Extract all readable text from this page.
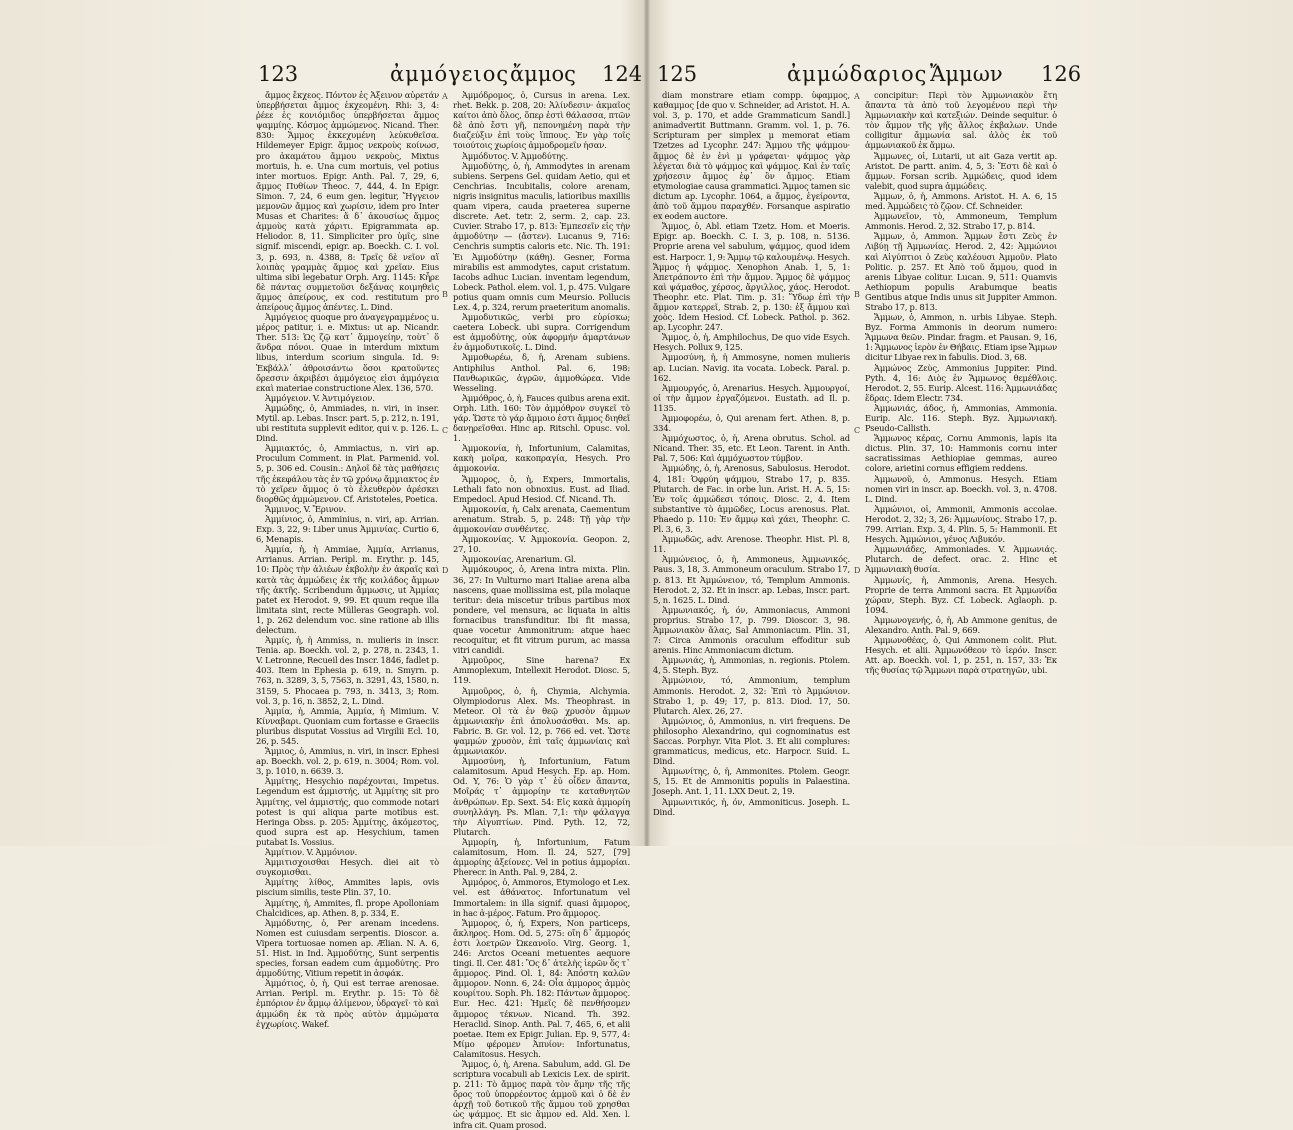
123	ἀμμόγειος ἄμμος 124

ἄμμος ἔκχεος. Πόντον ἐς Ἀξεινον αὐρετάν ὑπερβήσεται ἄμμος ἐκχεομένη. Rhi: 3, 4: ῥέεε ἐς κονιόμιδος ὑπερβήσεται ἄμμος ψαμμίης. Κόσμος ἀμμώμενος. Nicand. Ther. 830: Ἄμμος ἐκκεχυμένη λεὑκυθεῖσα. Hildemeyer Epigr. ἄμμος νεκροὺς κοίνωσ, pro ἀκαμάτου ἄμμου νεκροὺς, Mixtus mortuis, h. e. Una cum mortuis, vel potius inter mortuos. Epigr. Anth. Pal. 7, 29, 6, ἄμμος Πυθίων Theoc. 7, 444, 4. In Epigr. Simon. 7, 24, 6 eum gen. legitur, Ἤγγειον μεμονῶν ἄμμος καὶ χωρίσιν, idem pro Inter Musas et Charites: ἄ δ᾽ ἀκουσίως ἄμμος ἀμμοὺς κατὰ χάριτι. Epigrammata ap. Heliodor. 8, 11. Simpliciter pro ὑμῖς, sine signif. miscendi, epigr. ap. Boeckh. C. I. vol. 3, p. 693, n. 4388, 8: Τρεῖς δὲ νεῖον αἵ λοιπὰς γραμμὰς ἄμμος καὶ χρεῖαν. Eius ultima sibi legebatur Orph. Arg. 1145: Κἦρε δὲ πάντας συμμετοῦσι δεξάνας κοιμηθεὶς ἄμμος ἀπείρους, ex cod. restitutum pro ἀπείρους ἄμμος ἀπέντες. L. Dind.

Ἀμμόγειος quoque pro ἀναγεγραμμένος u. μέρος patitur, i. e. Mixtus: ut ap. Nicandr. Ther. 513: Ὡς ζῷ κατ᾽ ἄμμογείην, τοὺτ᾽ ὅ ἄνδρα πόνοι. Quae in interdum mixtum libus, interdum scorium singula. Id. 9: Ἐκβάλλ᾽ ἀθροισάντω ὅσοι κρατοῦντες ὄρεσσιν ἀκριβέσι ἀμμόγειος εἰσι ἀμμόγεια εκαὶ materiae constructione Alex. 136, 570.

Ἀμμόγειον. V. Ἀντιμόγειον.

Ἀμμώδης, ὁ, Ammiades, n. viri, in inser. Mytil. ap. Lebas. Inscr. part. 5, p. 212, n. 191, ubi restituta supplevit editor, qui v. p. 126. L. Dind.

Ἀμμιακτός, ὁ, Ammiactus, n. viri ap. Proculum Comment. in Plat. Parmenid. vol. 5, p. 306 ed. Cousin.: Δηλοῖ δὲ τὰς μαθήσεις τῆς ἐκεφάλου τὰς ἐν τῷ χρόνῳ ἄμμιακτος ἐν τὸ χεῖρεν ἄμμος ὁ τὸ ἐλευθερὸν ἀρέσκει διορθῶς ἀμμώμενον. Cf. Aristoteles, Poetica.

Ἄμμινος, V. Ἔρινον.

Ἀμμίνιος, ὁ, Amminius, n. viri, ap. Arrian. Exp. 3, 22, 9: Liber unus Ἀμμινίας. Curtio 6, 6, Menapis.

Ἀμμία, ἡ, ἡ Ammiae, Ἀμμία, Arrianus, Arrianus. Arrian. Peripl. m. Erythr. p. 145, 10: Πρὸς τὴν ἁλιέων ἐκβολὴν ἐν ἀκραῖς καὶ κατὰ τὰς ἀμμώδεις ἐκ τῆς κοιλάδος ἄμμων τῆς ἀκτῆς. Scribendum ἄμμωσις, ut Ἀμμίας patet ex Herodot. 9, 99. Et quum reque illa limitata sint, recte Mülleras Geograph. vol. 1, p. 262 delendum voc. sine ratione ab illis delectum.

Ἀμμίς, ἡ, ἡ Ammiss, n. mulieris in inscr. Tenia. ap. Boeckh. vol. 2, p. 278, n. 2343, 1. V. Letronne, Recueil des Inscr. 1846, fadlet p. 403. Item in Ephesia p. 619, n. Smyrn. p. 763, n. 3289, 3, 5, 7563, n. 3291, 43, 1580, n. 3159, 5. Phocaea p. 793, n. 3413, 3; Rom. vol. 3, p. 16, n. 3852, 2, L. Dind.

Ἀμμία, ἡ, Ammia, Ἀμμία, ἡ Mimium. V. Κίνναβαρι. Quoniam cum fortasse e Graeciis pluribus disputat Vossius ad Virgilii Ecl. 10, 26, p. 545.

Ἄμμιος, ὁ, Ammius, n. viri, in inscr. Ephesi ap. Boeckh. vol. 2, p. 619, n. 3004; Rom. vol. 3, p. 1010, n. 6639. 3.

Ἀμμίτης, Hesychio παρέχονται, Impetus. Legendum est ἀμμιστής, ut Ἀμμίτης sit pro Ἀμμίτης, vel ἀμμιστής, quo commode notari potest is qui aliqua parte motibus est. Heringa Obss. p. 205: Ἀμμίτης, ἀκόμεστος, quod supra est ap. Hesychium, tamen putabat Is. Vossius.

Ἀμμίτιον. V. Ἀμμόνιον.

Ἀμμιτισχοισθαι Hesych. diei ait τὸ συγκομισθαι.

Ἀμμίτης λίθος, Ammites lapis, ovis piscium similis, teste Plin. 37, 10.

Ἀμμίτης, ἡ, Ammites, fl. prope Apolloniam Chalcidices, ap. Athen. 8, p. 334, E.

Ἀμμόδυτης, ὁ, Per arenam incedens. Nomen est cuiusdam serpentis. Dioscor. a. Vipera tortuosae nomen ap. Ælian. N. A. 6, 51. Hist. in Ind. Ἀμμοδύτης, Sunt serpentis species, forsan eadem cum ἀμμοδύτης. Pro ἀμμοδύτης, Vitium repetit in ἀσφάκ.

Ἀμμότιος, ὁ, ἡ, Qui est terrae arenosae. Arrian. Peripl. m. Erythr. p. 15: Τὸ δὲ ἐμπόριον ἐν ἄμμῳ ἁλίμενον, ὑδραγεῖ· τὸ καὶ ἀμμώδη ἐκ τὰ πρὸς αὐτὸν ἀμμώματα ἐγχωρίοις. Wakef.

A
B
C
D

Ἀμμόδρομος, ὁ, Cursus in arena. Lex. rhet. Bekk. p. 208, 20: Ἀλίνδεσιν· ἀκμαῖος καίτοι ἀπὸ ὅλος, ὅπερ ἐστὶ θάλασσα, πτῶν δὲ ἀπὸ ἔστι γῆ, πεπονημένη παρὰ τὴν διαζεύξιν ἐπὶ τοὺς ἵππους. Ἐν γὰρ τοῖς τοιούτοις χωρίοις ἀμμοδρομεῖν ἡσαν.

Ἀμμόδυτος. V. Ἀμμοδύτης.

Ἀμμοδύτης, ὁ, ἡ, Ammodytes in arenam subiens. Serpens Gel. quidam Aetio, qui et Cenchrias. Incubitalis, colore arenam, nigris insignitus maculis, latioribus maxillis quam vipera, cauda praeterea superne discrete. Aet. tetr. 2, serm. 2, cap. 23. Cuvier. Strabo 17, p. 813: Ἐμπεσεῖν εἰς τὴν ἀμμοδύτην — (ἄστεν). Lucanus 9, 716: Cenchris sumptis caloris etc. Nic. Th. 191: Ἐι Ἀμμοδύτην (κάθη). Gesner, Forma mirabilis est ammodytes, caput cristatum. Iacobs adhuc Lucian. inventam legendum, Lobeck. Pathol. elem. vol. 1, p. 475. Vulgare potius quam omnis cum Meursio. Pollucis Lex. 4, p. 324, rerum praeteritum anomalis.

Ἀμμοδυτικῶς, verbi pro εὑρίσκω; caetera Lobeck. ubi supra. Corrigendum est ἀμμοδύτης, οὐκ ἀφορμήν ἁμαρτάνων ἐν ἀμμοδυτικοῖς. L. Dind.

Ἀμμοθωρέω, δ, ἡ, Arenam subiens. Antiphilus Anthol. Pal. 6, 198: Πανθωρικῶς, ἀγρῶν, ἀμμοθώρεα. Vide Wesseling.

Ἀμμόθρος, ὁ, ἡ, Fauces quibus arena exit. Orph. Lith. 160: Τὸν ἀμμόθρον συγκεῖ τὸ γάρ. Ὥστε τὸ γάρ ἄμμοιο ἐστι ἄμμος διηθεῖ δανῃρεῖσθαι. Hinc ap. Ritschl. Opusc. vol. 1.

Ἀμμοκονία, ἡ, Infortunium, Calamitas, κακὴ μοῖρα, κακοπραγία, Hesych. Pro ἀμμοκονία.

Ἄμμορος, ὁ, ἡ, Expers, Immortalis, Lethali fato non obnoxius. Eust. ad Iliad. Empedocl. Apud Hesiod. Cf. Nicand. Th.

Ἀμμοκονία, ἡ, Calx arenata, Caementum arenatum. Strab. 5, p. 248: Τῇ γὰρ τὴν ἀμμοκονίαν συνθέντες.

Ἀμμοκονίας. V. Ἀμμοκονία. Geopon. 2, 27, 10.

Ἀμμοκονίας, Arenarium. Gl.

Ἀμμόκουρος, ὁ, Arena intra mixta. Plin. 36, 27: In Vulturno mari Italiae arena alba nascens, quae mollissima est, pila molaque teritur: deia miscetur tribus partibus mox pondere, vel mensura, ac liquata in altis fornacibus transfunditur. Ibi fit massa, quae vocetur Ammonitrum: atque haec recoquitur, et fit vitrum purum, ac massa vitri candidi.

Ἀμμοῦρος, Sine harena? Ex Ammoplexum, Intellexit Herodot. Diosc. 5, 119.

Ἀμμοῦρος, ὁ, ἡ, Chymia, Alchymia. Olympiodorus Alex. Ms. Theophrast. in Meteor. Ol τὰ ἐν θεῷ χρυσὸν ἄμμων ἀμμωνιακὴν ἐπὶ ἀπολυσάσθαι. Ms. ap. Fabric. B. Gr. vol. 12, p. 766 ed. vet. Ὥστε ψαμμών χρυσὸν, ἐπὶ ταῖς ἀμμωνίαις καὶ ἀμμωνιακόν.

Ἀμμοσύνη, ἡ, Infortunium, Fatum calamitosum. Apud Hesych. Ep. ap. Hom. Od. Y, 76: Ὁ γὰρ τ᾽ ἐὐ οἶδεν ἅπαντα, Μοῖράς τ᾽ ἀμμορίην τε καταθνητῶν ἀνθρώπων. Ep. Sext. 54: Εἰς κακὰ ἀμμορίη συνηλλάγη. Ps. Mlan. 7,1: τὴν φάλαγγα τὴν Αἰγυπτίων. Pind. Pyth. 12, 72, Plutarch.

Ἀμμορίη, ἡ, Infortunium, Fatum calamitosum, Hom. Il. 24, 527, [79] ἀμμορίης ἀξείονες. Vel in potius ἀμμορίαι. Pherecr. in Anth. Pal. 9, 284, 2.

Ἀμμόρος, ὁ, Ammoros, Etymologo et Lex. vel. est ἀθάνατος. Infortunatum vel Immortalem: in illa signif. quasi ἄμμορος, in hac ἀ-μέρος. Fatum. Pro ἄμμορος.

Ἄμμορος, ὁ, ἡ, Expers, Non particeps, ἄκληρος. Hom. Od. 5, 275: οἴη δ᾽ ἄμμορός ἐστι λοετρῶν Ὠκεανοῖο. Virg. Georg. 1, 246: Arctos Oceani metuentes aequore tingi. Il. Cer. 481: Ὃς δ᾽ ἀτελὴς ἱερῶν ὅς τ᾽ ἄμμορος. Pind. Ol. 1, 84: Ἀπόστη καλῶν ἄμμορον. Nonn. 6, 24: Οἷα ἀμμορος ἀμμὸς κουρίτου. Soph. Ph. 182: Πάντων ἄμμορος. Eur. Hec. 421: Ἡμεῖς δὲ πενθήσομεν ἄμμορος τέκνων. Nicand. Th. 392. Heraclid. Sinop. Anth. Pal. 7, 465, 6, et alii poetae. Item ex Epigr. Julian. Ep. 9, 577, 4: Μίμο φέρομεν Ἀπυίον: Infortunatus, Calamitosus. Hesych.

Ἄμμος, ὁ, ἡ, Arena. Sabulum, add. Gl. De scriptura vocabuli ab Lexicis Lex. de spirit. p. 211: Τὸ ἄμμος παρὰ τὸν ἄμην τῆς τῆς ὄρος τοῦ ὑπορρέοντος ἀμμοῦ καὶ ὁ δὲ ἐν ἀρχῇ τοῦ δοτικοῦ τῆς ἄμμου τοῦ χρησθαι ὡς ψάμμος. Et sic ἄμμον ed. Ald. Xen. l. infra cit. Quam prosod.

125	ἀμμώδαριος Ἄμμων 126

diam monstrare etiam compp. ὑφαμμος, καθαμμος [de quo v. Schneider, ad Aristot. H. A. vol. 3, p. 170, et adde Grammaticum Sandl.] animadvertit Buttmann. Gramm. vol. 1, p. 76. Scripturam per simplex μ memorat etiam Tzetzes ad Lycophr. 247: Ἄμμου τῆς ψάμμου· ἄμμος δὲ ἐν ἑνὶ μ γράφεται· ψάμμος γὰρ λέγεται διὰ τὸ ψάμμος καὶ ψάμμος. Καὶ ἐν ταῖς χρήσεσιν ἄμμος ἐφ᾽ ὃν ἄμμος. Etiam etymologiae causa grammatici. Ἄμμος tamen sic dictum ap. Lycophr. 1064, a ἄμμος, ἐγείροντα, ἀπὸ τοῦ ἄμμου παραχθέν. Forsanque aspiratio ex eodem auctore.

Ἄμμος, ὁ, Abl. etiam Tzetz. Hom. et Moeris. Epigr. ap. Boeckh. C. I. 3, p. 108, n. 5136. Proprie arena vel sabulum, ψάμμος, quod idem est. Harpocr. 1, 9: Ἄμμῳ τῷ καλουμένῳ. Hesych. Ἄμμος ἡ ψάμμος. Xenophon Anab. 1, 5, 1: Ἀπετράποντο ἐπὶ τὴν ἄμμον. Ἄμμος δὲ ψάμμος καὶ ψάμαθος, χέρσος, ἄργιλλος, χάος. Herodot. Theophr. etc. Plat. Tim. p. 31: Ὕδωρ ἐπὶ τὴν ἄμμον κατερρεῖ, Strab. 2, p. 130: ἐξ ἄμμου καὶ χοὸς. Idem Hesiod. Cf. Lobeck. Pathol. p. 362. ap. Lycophr. 247.

Ἄμμος, ὁ, ἡ, Amphilochus, De quo vide Esych. Hesych. Pollux 9, 125.

Ἀμμοσύνη, ἡ, ἡ Ammosyne, nomen mulieris ap. Lucian. Navig. ita vocata. Lobeck. Paral. p. 162.

Ἀμμουργός, ὁ, Arenarius. Hesych. Ἀμμουργοί, οἱ τὴν ἄμμον ἐργαζόμενοι. Eustath. ad Il. p. 1135.

Ἀμμοφορέω, ὁ, Qui arenam fert. Athen. 8, p. 334.

Ἀμμόχωστος, ὁ, ἡ, Arena obrutus. Schol. ad Nicand. Ther. 35, etc. Et Leon. Tarent. in Anth. Pal. 7, 506: Καὶ ἀμμόχωστον τύμβον.

Ἀμμώδης, ὁ, ἡ, Arenosus, Sabulosus. Herodot. 4, 181: Ὀφρύη ψάμμου, Strabo 17, p. 835. Plutarch. de Fac. in orbe lun. Arist. H. A. 5, 15: Ἐν τοῖς ἀμμώδεσι τόποις. Diosc. 2, 4. Item substantive τὸ ἀμμῶδες, Locus arenosus. Plat. Phaedo p. 110: Ἐν ἄμμῳ καὶ χάει, Theophr. C. Pl. 3, 6, 3.

Ἀμμωδῶς, adv. Arenose. Theophr. Hist. Pl. 8, 11.

Ἀμμώνειος, ὁ, ἡ, Ammoneus, Ἀμμωνικός. Paus. 3, 18, 3. Ammoneum oraculum. Strabo 17, p. 813. Et Ἀμμώνειον, τό, Templum Ammonis. Herodot. 2, 32. Et in inscr. ap. Lebas, Inscr. part. 5, n. 1625. L. Dind.

Ἀμμωνιακός, ἡ, όν, Ammoniacus, Ammoni proprius. Strabo 17, p. 799. Dioscor. 3, 98. Ἀμμωνιακὸν ἅλας, Sal Ammoniacum. Plin. 31, 7: Circa Ammonis oraculum effoditur sub arenis. Hinc Ammoniacum dictum.

Ἀμμωνιάς, ἡ, Ammonias, n. regionis. Ptolem. 4, 5. Steph. Byz.

Ἀμμώνιον, τό, Ammonium, templum Ammonis. Herodot. 2, 32: Ἐπὶ τὸ Ἀμμώνιον. Strabo 1, p. 49; 17, p. 813. Diod. 17, 50. Plutarch. Alex. 26, 27.

Ἀμμώνιος, ὁ, Ammonius, n. viri frequens. De philosopho Alexandrino, qui cognominatus est Saccas. Porphyr. Vita Plot. 3. Et alii complures: grammaticus, medicus, etc. Harpocr. Suid. L. Dind.

Ἀμμωνίτης, ὁ, ἡ, Ammonites. Ptolem. Geogr. 5, 15. Et de Ammonitis populis in Palaestina. Joseph. Ant. 1, 11. LXX Deut. 2, 19.

Ἀμμωνιτικός, ἡ, όν, Ammoniticus. Joseph. L. Dind.

A
B
C
D

concipitur: Περὶ τὸν Ἀμμωνιακὸν ἔτη ἄπαντα τὰ ἀπὸ τοῦ λεγομένου περὶ τὴν Ἀμμωνιακὴν καὶ κατεξιών. Deinde sequitur. ὁ τὸν ἄμμον τῆς γῆς ἄλλος ἐκβαλων. Unde colligitur ἄμμωνία sal. ἁλὸς ἐκ τοῦ ἀμμωνιακοῦ ἐκ ἄμμω.

Ἄμμωνες, οἱ, Lutarii, ut ait Gaza vertit ap. Aristot. De partt. anim. 4, 5, 3: Ἔστι δὲ καὶ ὁ ἄμμων. Forsan scrib. Ἀμμώδεις, quod idem valebit, quod supra ἀμμώδεις.

Ἄμμων, ὁ, ἡ, Ammons. Aristot. H. A. 6, 15 med. Ἀμμώδεις τὸ ζῷον. Cf. Schneider.

Ἀμμωνεῖον, τὸ, Ammoneum, Templum Ammonis. Herod. 2, 32. Strabo 17, p. 814.

Ἄμμων, ὁ, Ammon. Ἄμμων ἔστι Ζεὺς ἐν Λιβύῃ τῇ Ἀμμωνίας. Herod. 2, 42: Ἀμμώνιοι καὶ Αἰγύπτιοι ὁ Ζεὺς καλέουσι Ἀμμοῦν. Plato Politic. p. 257. Et Ἀπὸ τοῦ ἄμμου, quod in arenis Libyae colitur. Lucan. 9, 511: Quamvis Aethiopum populis Arabumque beatis Gentibus atque Indis unus sit Juppiter Ammon. Strabo 17, p. 813.

Ἄμμων, ὁ, Ammon, n. urbis Libyae. Steph. Byz. Forma Ammonis in deorum numero: Ἄμμωνα θεῶν. Pindar. fragm. et Pausan. 9, 16, 1: Ἄμμωνος ἱερὸν ἐν Θήβαις. Etiam ipse Ἄμμων dicitur Libyae rex in fabulis. Diod. 3, 68.

Ἀμμώνος Ζεὺς, Ammonius Juppiter. Pind. Pyth. 4, 16: Διὸς ἐν Ἄμμωνος θεμέθλοις. Herodot. 2, 55. Eurip. Alcest. 116: Ἀμμωνιάδας ἕδρας. Idem Electr. 734.

Ἀμμωνιάς, άδος, ἡ, Ammonias, Ammonia. Eurip. Alc. 116. Steph. Byz. Ἀμμωνιακή. Pseudo-Callisth.

Ἄμμωνος κέρας, Cornu Ammonis, lapis ita dictus. Plin. 37, 10: Hammonis cornu inter sacratissimas Aethiopiae gemmas, aureo colore, arietini cornus effigiem reddens.

Ἀμμωνοῦ, ὁ, Ammonus. Hesych. Etiam nomen viri in inscr. ap. Boeckh. vol. 3, n. 4708. L. Dind.

Ἀμμώνιοι, οἱ, Ammonii, Ammonis accolae. Herodot. 2, 32; 3, 26: Ἀμμωνίους. Strabo 17, p. 799. Arrian. Exp. 3, 4. Plin. 5, 5: Hammonii. Et Hesych. Ἀμμώνιοι, γένος Λιβυκόν.

Ἀμμωνιάδες, Ammoniades. V. Ἀμμωνιάς. Plutarch. de defect. orac. 2. Hinc et Ἀμμωνιακὴ θυσία.

Ἀμμωνίς, ἡ, Ammonis, Arena. Hesych. Proprie de terra Ammoni sacra. Et Ἀμμωνίδα χώραν, Steph. Byz. Cf. Lobeck. Aglaoph. p. 1094.

Ἀμμωνογενής, ὁ, ἡ, Ab Ammone genitus, de Alexandro. Anth. Pal. 9, 669.

Ἀμμωνοθέας, ὁ, Qui Ammonem colit. Plut. Hesych. et alii. Ἀμμωνόθεον τὸ ἱερόν. Inscr. Att. ap. Boeckh. vol. 1, p. 251, n. 157, 33: Ἐκ τῆς θυσίας τῷ Ἄμμωνι παρὰ στρατηγῶν, ubi.
